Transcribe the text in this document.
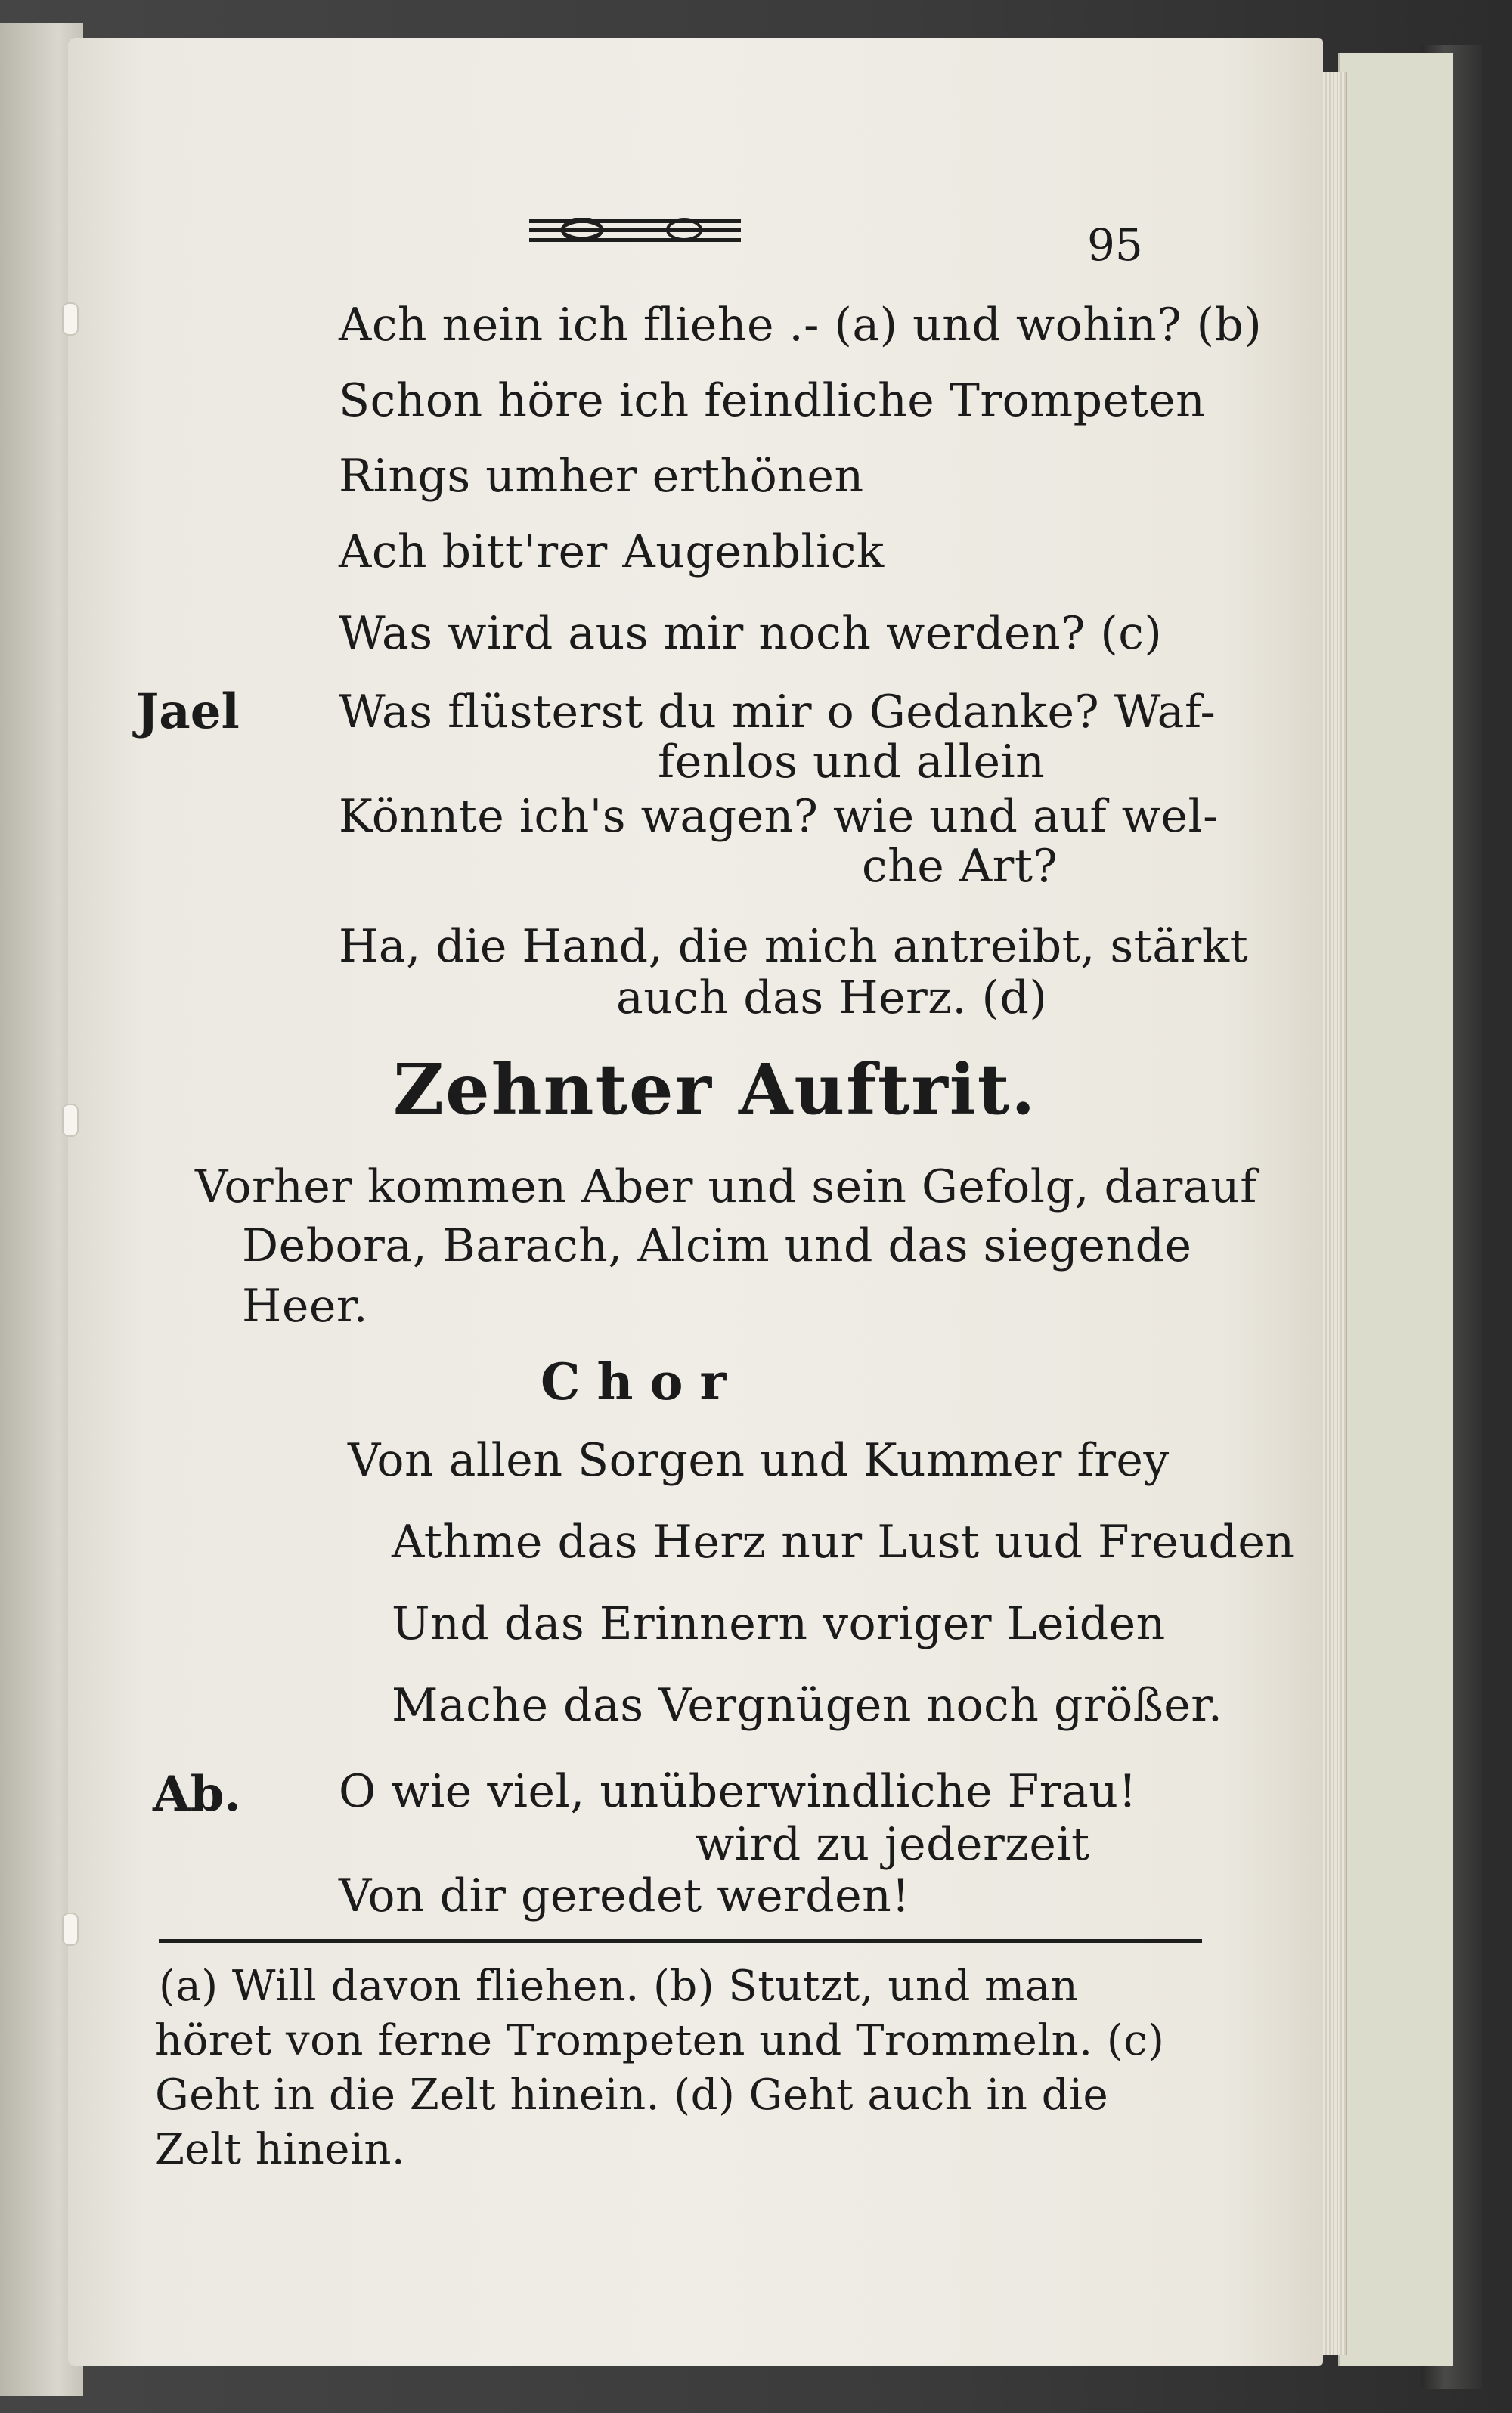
95
Ach nein ich fliehe .- (a) und wohin? (b)
Schon höre ich feindliche Trompeten
Rings umher erthönen
Ach bitt'rer Augenblick
Was wird aus mir noch werden? (c)
Jael Was flüsterst du mir o Gedanke? Waf-
fenlos und allein
Könnte ich's wagen? wie und auf wel-
che Art?
Ha, die Hand, die mich antreibt, stärkt
auch das Herz. (d)
Zehnter Auftrit.
Vorher kommen Aber und sein Gefolg, darauf
Debora, Barach, Alcim und das siegende
Heer.
Chor
Von allen Sorgen und Kummer frey
Athme das Herz nur Lust uud Freuden
Und das Erinnern voriger Leiden
Mache das Vergnügen noch größer.
Ab. O wie viel, unüberwindliche Frau!
wird zu jederzeit
Von dir geredet werden!
(a) Will davon fliehen. (b) Stutzt, und man
höret von ferne Trompeten und Trommeln. (c)
Geht in die Zelt hinein. (d) Geht auch in die
Zelt hinein.
